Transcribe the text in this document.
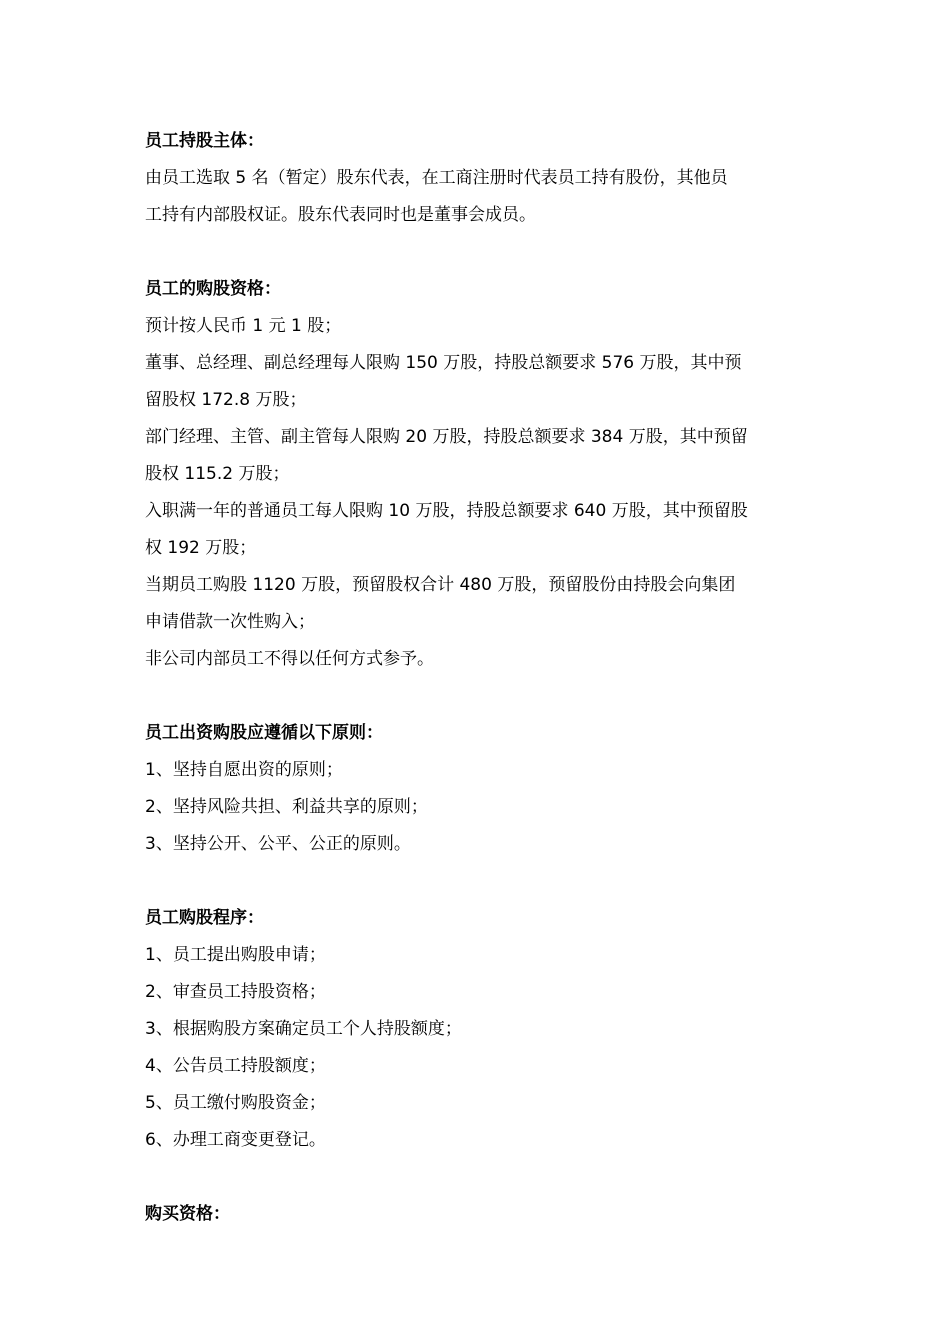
员工持股主体：
由员工选取 5 名（暂定）股东代表，在工商注册时代表员工持有股份，其他员
工持有内部股权证。股东代表同时也是董事会成员。
员工的购股资格：
预计按人民币 1 元 1 股；
董事、总经理、副总经理每人限购 150 万股，持股总额要求 576 万股，其中预
留股权 172.8 万股；
部门经理、主管、副主管每人限购 20 万股，持股总额要求 384 万股，其中预留
股权 115.2 万股；
入职满一年的普通员工每人限购 10 万股，持股总额要求 640 万股，其中预留股
权 192 万股；
当期员工购股 1120 万股，预留股权合计 480 万股，预留股份由持股会向集团
申请借款一次性购入；
非公司内部员工不得以任何方式参予。
员工出资购股应遵循以下原则：
1、坚持自愿出资的原则；
2、坚持风险共担、利益共享的原则；
3、坚持公开、公平、公正的原则。
员工购股程序：
1、员工提出购股申请；
2、审查员工持股资格；
3、根据购股方案确定员工个人持股额度；
4、公告员工持股额度；
5、员工缴付购股资金；
6、办理工商变更登记。
购买资格：
